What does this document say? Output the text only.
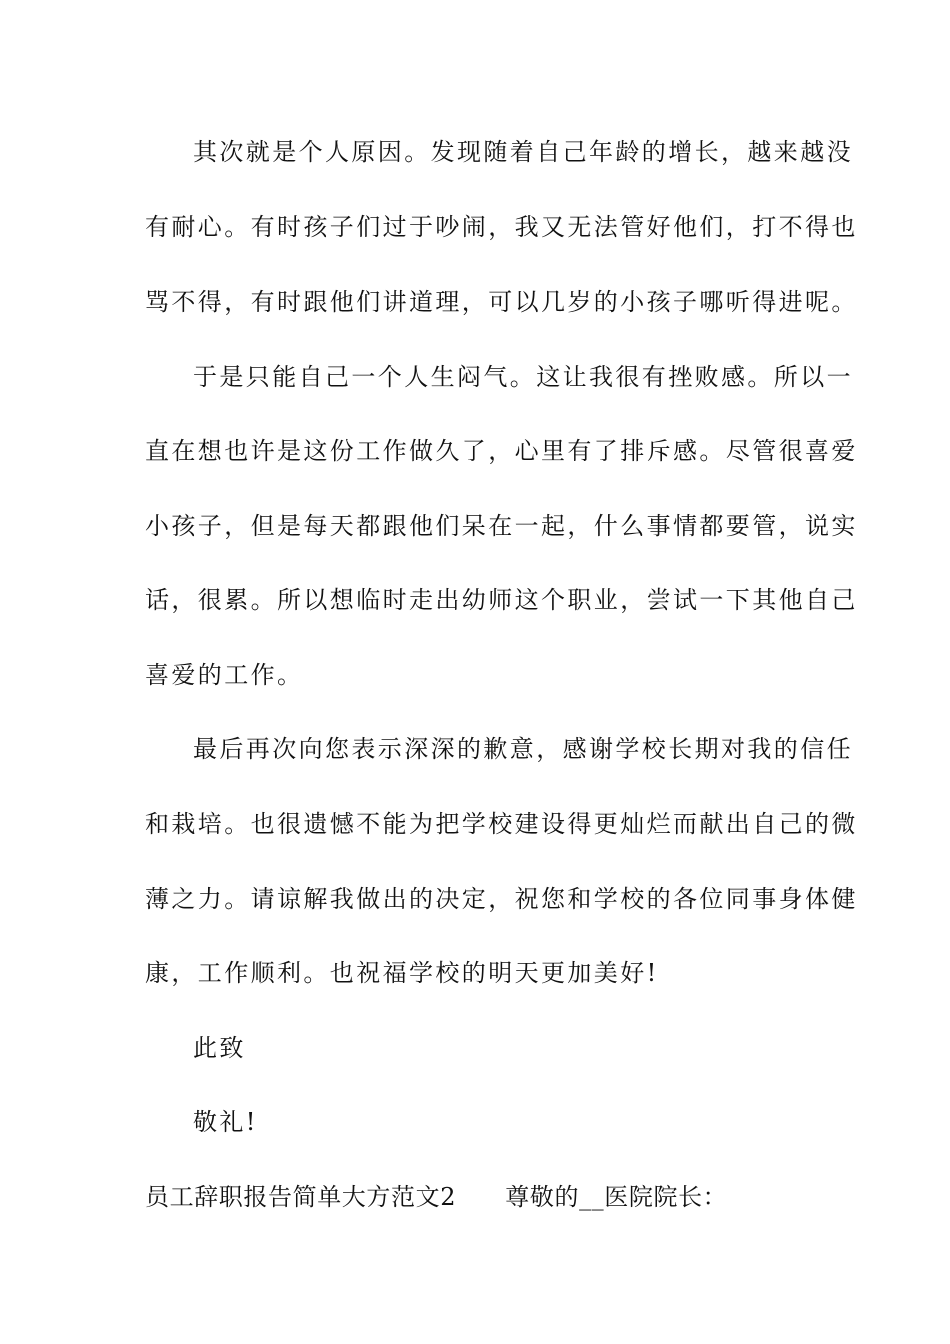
其次就是个人原因。发现随着自己年龄的增长，越来越没
有耐心。有时孩子们过于吵闹，我又无法管好他们，打不得也
骂不得，有时跟他们讲道理，可以几岁的小孩子哪听得进呢。
于是只能自己一个人生闷气。这让我很有挫败感。所以一
直在想也许是这份工作做久了，心里有了排斥感。尽管很喜爱
小孩子，但是每天都跟他们呆在一起，什么事情都要管，说实
话，很累。所以想临时走出幼师这个职业，尝试一下其他自己
喜爱的工作。
最后再次向您表示深深的歉意，感谢学校长期对我的信任
和栽培。也很遗憾不能为把学校建设得更灿烂而献出自己的微
薄之力。请谅解我做出的决定，祝您和学校的各位同事身体健
康，工作顺利。也祝福学校的明天更加美好!
此致
敬礼!
员工辞职报告简单大方范文2　　尊敬的__医院院长：
